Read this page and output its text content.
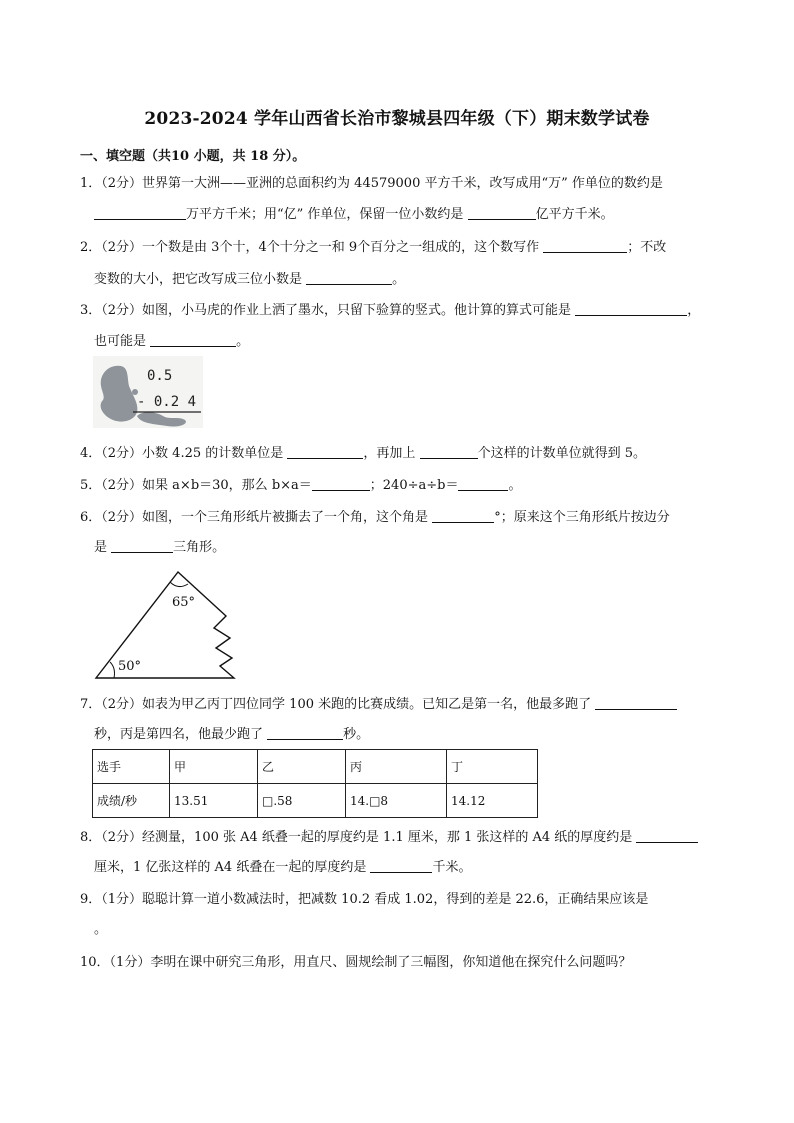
2023-2024 学年山西省长治市黎城县四年级（下）期末数学试卷
一、填空题（共10 小题，共 18 分）。
1．（2分）世界第一大洲——亚洲的总面积约为 44579000 平方千米，改写成用“万” 作单位的数约是
万平方千米；用“亿” 作单位，保留一位小数约是	亿平方千米。
2．（2分）一个数是由 3个十，4个十分之一和 9个百分之一组成的，这个数写作	；不改
变数的大小，把它改写成三位小数是	。
3．（2分）如图，小马虎的作业上洒了墨水，只留下验算的竖式。他计算的算式可能是	，
也可能是	。
0.5
- 0.2 4
4．（2分）小数 4.25 的计数单位是	，再加上	个这样的计数单位就得到 5。
5．（2分）如果 a×b＝30，那么 b×a＝	；240÷a÷b＝	。
6．（2分）如图，一个三角形纸片被撕去了一个角，这个角是	°；原来这个三角形纸片按边分
是	三角形。
65°
50°
7．（2分）如表为甲乙丙丁四位同学 100 米跑的比赛成绩。已知乙是第一名，他最多跑了
秒，丙是第四名，他最少跑了	秒。
选手	甲	乙	丙	丁
成绩/秒	13.51	□.58	14.□8	14.12
8．（2分）经测量，100 张 A4 纸叠一起的厚度约是 1.1 厘米，那 1 张这样的 A4 纸的厚度约是
厘米，1 亿张这样的 A4 纸叠在一起的厚度约是	千米。
9．（1分）聪聪计算一道小数减法时，把减数 10.2 看成 1.02，得到的差是 22.6，正确结果应该是
。
10．（1分）李明在课中研究三角形，用直尺、圆规绘制了三幅图，你知道他在探究什么问题吗？
